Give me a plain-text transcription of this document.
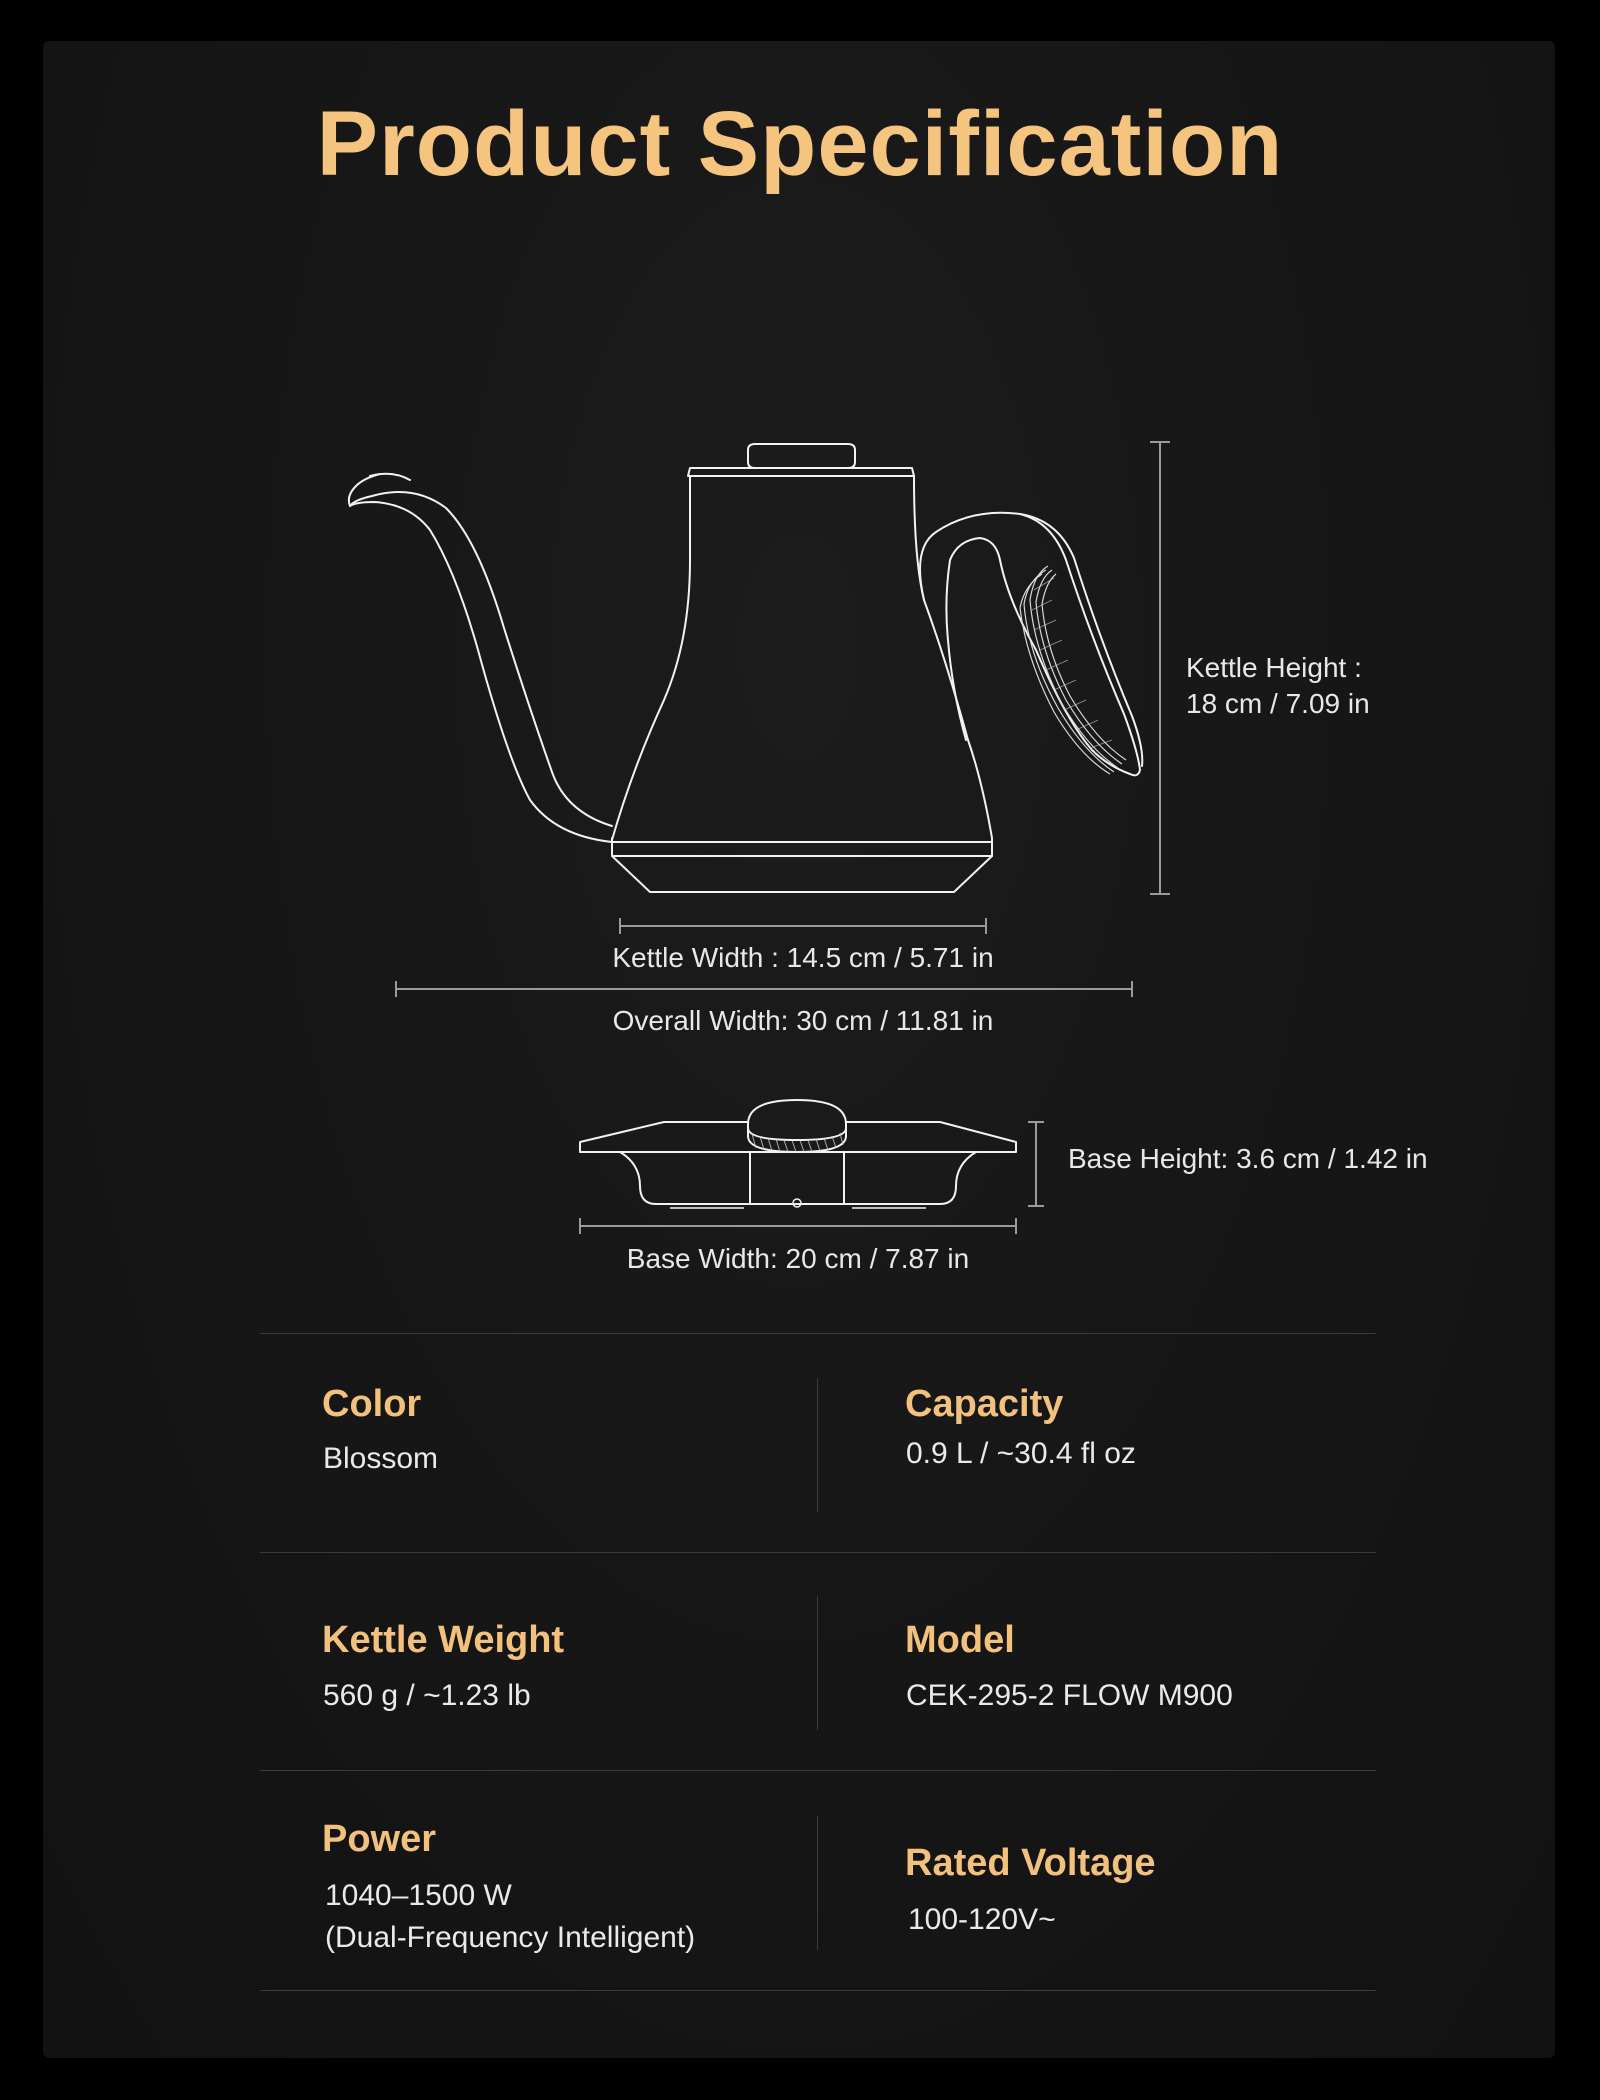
Product Specification
Kettle Height :
18 cm / 7.09 in
Kettle Width : 14.5 cm / 5.71 in
Overall Width: 30 cm / 11.81 in
Base Height: 3.6 cm / 1.42 in
Base Width: 20 cm / 7.87 in
Color
Blossom
Capacity
0.9 L / ~30.4 fl oz
Kettle Weight
560 g / ~1.23 lb
Model
CEK-295-2 FLOW M900
Power
1040–1500 W
(Dual-Frequency Intelligent)
Rated Voltage
100-120V~
